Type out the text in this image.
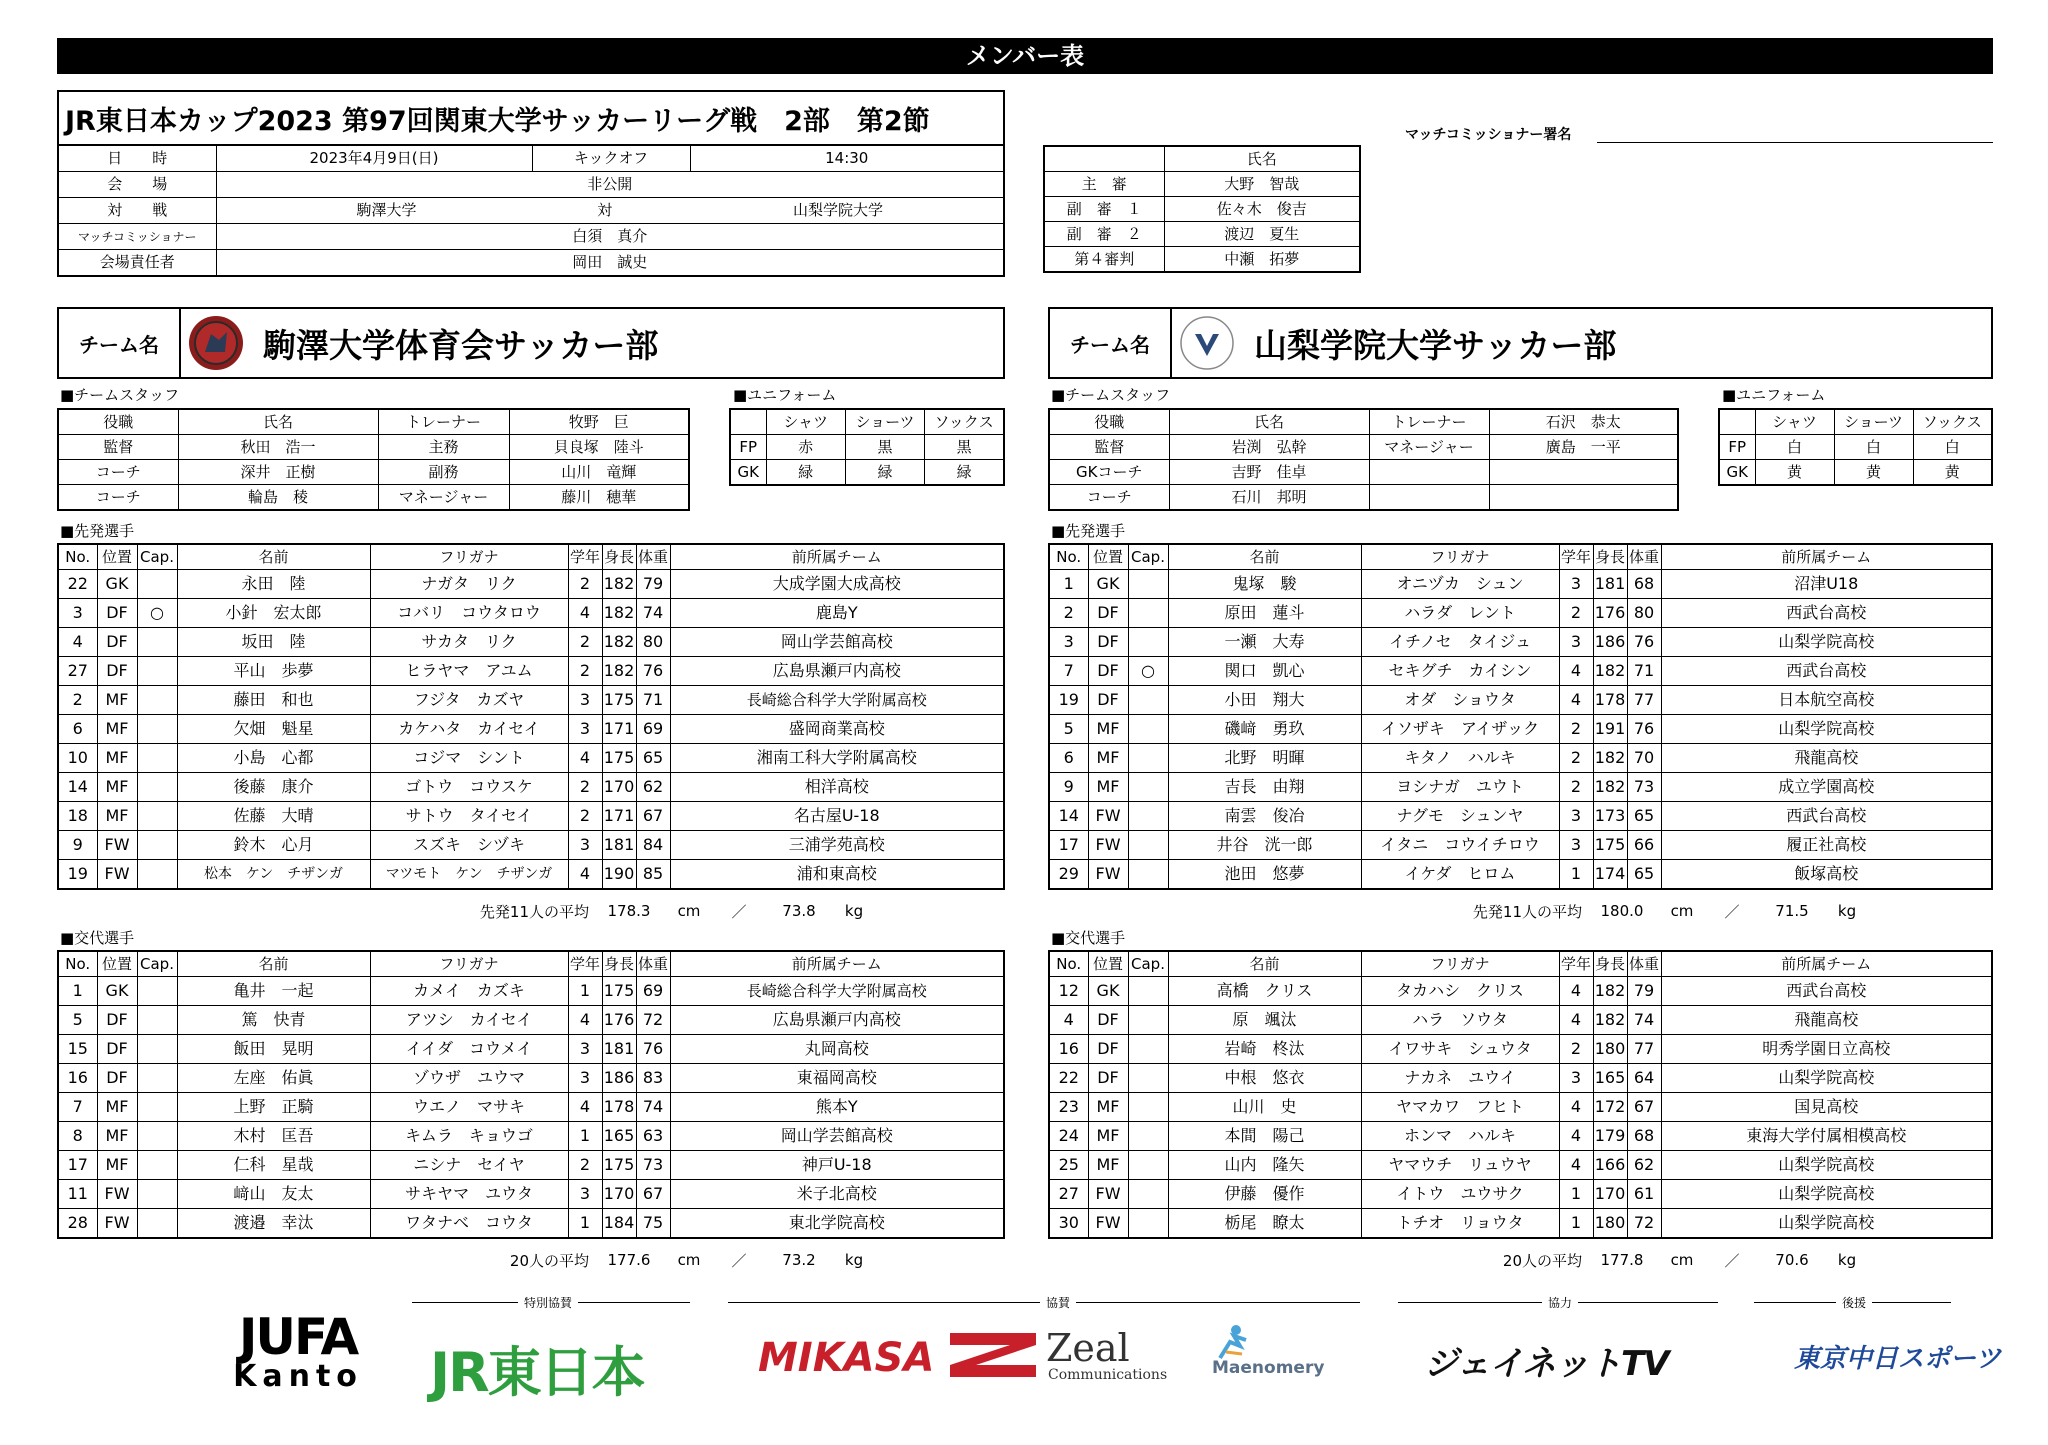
メンバー表
JR東日本カップ2023 第97回関東大学サッカーリーグ戦　2部　第2節
日　　時	2023年4月9日(日)	キックオフ	14:30
会　　場	非公開		
対　　戦	駒澤大学 対 山梨学院大学		

マッチコミッショナー	白須　真介		
会場責任者	岡田　誠史		
マッチコミッショナー署名
	氏名
主　審	大野　智哉
副　審　１	佐々木　俊吉
副　審　２	渡辺　夏生
第４審判	中瀬　拓夢
チーム名	駒澤大学体育会サッカー部	チーム名	山梨学院大学サッカー部
■チームスタッフ	■ユニフォーム	■チームスタッフ	■ユニフォーム
役職	氏名	トレーナー	牧野　巨
監督	秋田　浩一	主務	貝良塚　陸斗
コーチ	深井　正樹	副務	山川　竜輝
コーチ	輪島　稜	マネージャー	藤川　穂華
	シャツ	ショーツ	ソックス
FP	赤	黒	黒
GK	緑	緑	緑
役職	氏名	トレーナー	石沢　恭太
監督	岩渕　弘幹	マネージャー	廣島　一平
GKコーチ	吉野　佳卓		
コーチ	石川　邦明		
	シャツ	ショーツ	ソックス
FP	白	白	白
GK	黄	黄	黄
■先発選手	■先発選手
No.	位置	Cap.	名前	フリガナ	学年	身長	体重	前所属チーム
22	GK		永田　陸	ナガタ　リク	2	182	79	大成学園大成高校
3	DF	○	小針　宏太郎	コバリ　コウタロウ	4	182	74	鹿島Y
4	DF		坂田　陸	サカタ　リク	2	182	80	岡山学芸館高校
27	DF		平山　歩夢	ヒラヤマ　アユム	2	182	76	広島県瀬戸内高校
2	MF		藤田　和也	フジタ　カズヤ	3	175	71	長崎総合科学大学附属高校
6	MF		欠畑　魁星	カケハタ　カイセイ	3	171	69	盛岡商業高校
10	MF		小島　心都	コジマ　シント	4	175	65	湘南工科大学附属高校
14	MF		後藤　康介	ゴトウ　コウスケ	2	170	62	相洋高校
18	MF		佐藤　大晴	サトウ　タイセイ	2	171	67	名古屋U-18
9	FW		鈴木　心月	スズキ　シヅキ	3	181	84	三浦学苑高校
19	FW		松本　ケン　チザンガ	マツモト　ケン　チザンガ	4	190	85	浦和東高校
No.	位置	Cap.	名前	フリガナ	学年	身長	体重	前所属チーム
1	GK		鬼塚　駿	オニヅカ　シュン	3	181	68	沼津U18
2	DF		原田　蓮斗	ハラダ　レント	2	176	80	西武台高校
3	DF		一瀬　大寿	イチノセ　タイジュ	3	186	76	山梨学院高校
7	DF	○	関口　凱心	セキグチ　カイシン	4	182	71	西武台高校
19	DF		小田　翔大	オダ　ショウタ	4	178	77	日本航空高校
5	MF		磯﨑　勇玖	イソザキ　アイザック	2	191	76	山梨学院高校
6	MF		北野　明暉	キタノ　ハルキ	2	182	70	飛龍高校
9	MF		吉長　由翔	ヨシナガ　ユウト	2	182	73	成立学園高校
14	FW		南雲　俊冶	ナグモ　シュンヤ	3	173	65	西武台高校
17	FW		井谷　洸一郎	イタニ　コウイチロウ	3	175	66	履正社高校
29	FW		池田　悠夢	イケダ　ヒロム	1	174	65	飯塚高校
先発11人の平均	178.3	cm	／	73.8	kg	先発11人の平均	180.0	cm	／	71.5	kg
■交代選手	■交代選手
No.	位置	Cap.	名前	フリガナ	学年	身長	体重	前所属チーム
1	GK		亀井　一起	カメイ　カズキ	1	175	69	長崎総合科学大学附属高校
5	DF		篤　快青	アツシ　カイセイ	4	176	72	広島県瀬戸内高校
15	DF		飯田　晃明	イイダ　コウメイ	3	181	76	丸岡高校
16	DF		左座　佑眞	ゾウザ　ユウマ	3	186	83	東福岡高校
7	MF		上野　正騎	ウエノ　マサキ	4	178	74	熊本Y
8	MF		木村　匡吾	キムラ　キョウゴ	1	165	63	岡山学芸館高校
17	MF		仁科　星哉	ニシナ　セイヤ	2	175	73	神戸U-18
11	FW		﨑山　友太	サキヤマ　ユウタ	3	170	67	米子北高校
28	FW		渡邉　幸汰	ワタナベ　コウタ	1	184	75	東北学院高校
No.	位置	Cap.	名前	フリガナ	学年	身長	体重	前所属チーム
12	GK		高橋　クリス	タカハシ　クリス	4	182	79	西武台高校
4	DF		原　颯汰	ハラ　ソウタ	4	182	74	飛龍高校
16	DF		岩崎　柊汰	イワサキ　シュウタ	2	180	77	明秀学園日立高校
22	DF		中根　悠衣	ナカネ　ユウイ	3	165	64	山梨学院高校
23	MF		山川　史	ヤマカワ　フヒト	4	172	67	国見高校
24	MF		本間　陽己	ホンマ　ハルキ	4	179	68	東海大学付属相模高校
25	MF		山内　隆矢	ヤマウチ　リュウヤ	4	166	62	山梨学院高校
27	FW		伊藤　優作	イトウ　ユウサク	1	170	61	山梨学院高校
30	FW		栃尾　瞭太	トチオ　リョウタ	1	180	72	山梨学院高校
20人の平均	177.6	cm	／	73.2	kg	20人の平均	177.8	cm	／	70.6	kg
特別協賛	協賛	協力	後援
JUFA
Kanto JR東日本	MIKASA	Zeal
Communications	Maenomery	ジェイネットTV	東京中日スポーツ
